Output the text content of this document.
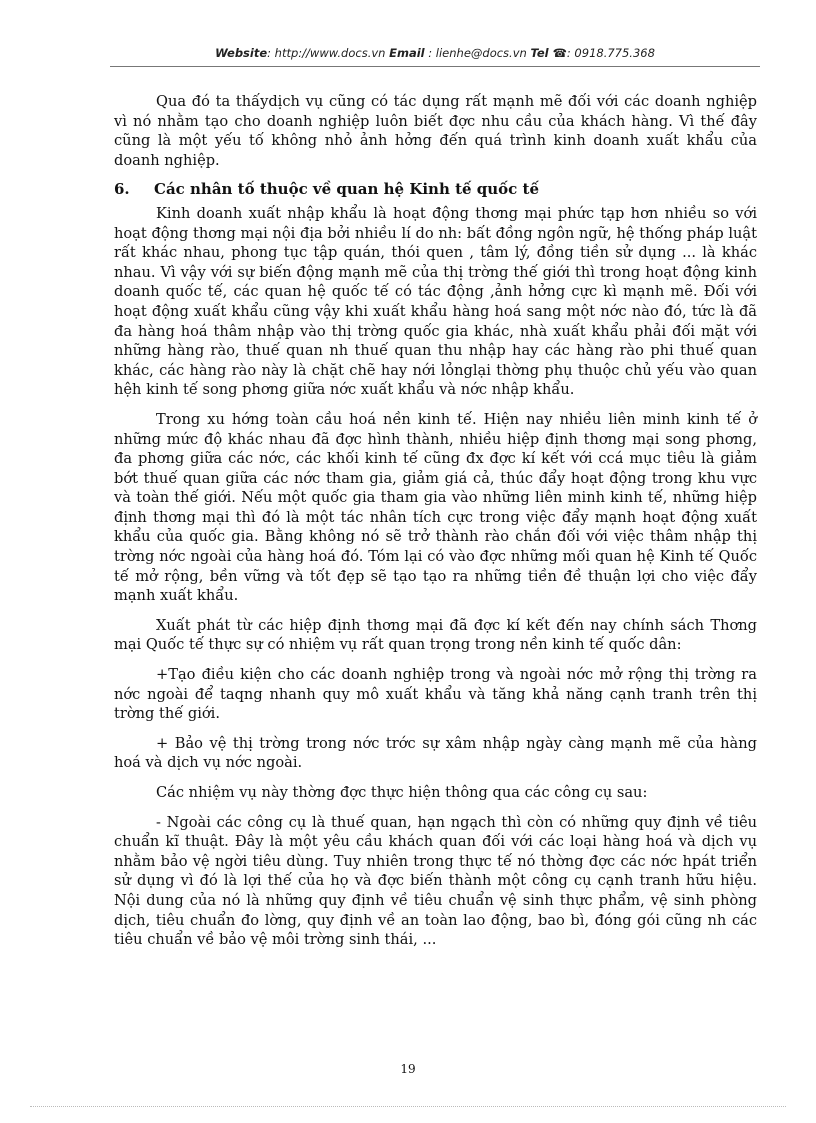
Website: http://www.docs.vn Email : lienhe@docs.vn Tel ☎: 0918.775.368

Qua đó ta thấydịch vụ cũng có tác dụng rất mạnh mẽ đối với các doanh nghiệp vì nó nhằm tạo cho doanh nghiệp luôn biết đợc nhu cầu của khách hàng. Vì thế đây cũng là một yếu tố không nhỏ ảnh hởng đến quá trình kinh doanh xuất khẩu của doanh nghiệp.

6. Các nhân tố thuộc về quan hệ Kinh tế quốc tế

Kinh doanh xuất nhập khẩu là hoạt động thơng mại phức tạp hơn nhiều so với hoạt động thơng mại nội địa bởi nhiều lí do nh: bất đồng ngôn ngữ, hệ thống pháp luật rất khác nhau, phong tục tập quán, thói quen , tâm lý, đồng tiền sử dụng ... là khác nhau. Vì vậy với sự biến động mạnh mẽ của thị trờng thế giới thì trong hoạt động kinh doanh quốc tế, các quan hệ quốc tế có tác động ,ảnh hởng cực kì mạnh mẽ. Đối với hoạt động xuất khẩu cũng vậy khi xuất khẩu hàng hoá sang một nớc nào đó, tức là đã đa hàng hoá thâm nhập vào thị trờng quốc gia khác, nhà xuất khẩu phải đối mặt với những hàng rào, thuế quan nh thuế quan thu nhập hay các hàng rào phi thuế quan khác, các hàng rào này là chặt chẽ hay nới lỏnglại thờng phụ thuộc chủ yếu vào quan hệh kinh tế song phơng giữa nớc xuất khẩu và nớc nhập khẩu.

Trong xu hớng toàn cầu hoá nền kinh tế. Hiện nay nhiều liên minh kinh tế ở những mức độ khác nhau đã đợc hình thành, nhiều hiệp định thơng mại song phơng, đa phơng giữa các nớc, các khối kinh tế cũng đx đợc kí kết với ccá mục tiêu là giảm bớt thuế quan giữa các nớc tham gia, giảm giá cả, thúc đẩy hoạt động trong khu vực và toàn thế giới. Nếu một quốc gia tham gia vào những liên minh kinh tế, những hiệp định thơng mại thì đó là một tác nhân tích cực trong việc đẩy mạnh hoạt động xuất khẩu của quốc gia. Bằng không nó sẽ trở thành rào chắn đối với việc thâm nhập thị trờng nớc ngoài của hàng hoá đó. Tóm lại có vào đợc những mối quan hệ Kinh tế Quốc tế mở rộng, bền vững và tốt đẹp sẽ tạo tạo ra những tiền đề thuận lợi cho việc đẩy mạnh xuất khẩu.

Xuất phát từ các hiệp định thơng mại đã đợc kí kết đến nay chính sách Thơng mại Quốc tế thực sự có nhiệm vụ rất quan trọng trong nền kinh tế quốc dân:

+Tạo điều kiện cho các doanh nghiệp trong và ngoài nớc mở rộng thị trờng ra nớc ngoài để taqng nhanh quy mô xuất khẩu và tăng khả năng cạnh tranh trên thị trờng thế giới.

+ Bảo vệ thị trờng trong nớc trớc sự xâm nhập ngày càng mạnh mẽ của hàng hoá và dịch vụ nớc ngoài.

Các nhiệm vụ này thờng đợc thực hiện thông qua các công cụ sau:

- Ngoài các công cụ là thuế quan, hạn ngạch thì còn có những quy định về tiêu chuẩn kĩ thuật. Đây là một yêu cầu khách quan đối với các loại hàng hoá và dịch vụ nhằm bảo vệ ngời tiêu dùng. Tuy nhiên trong thực tế nó thờng đợc các nớc hpát triển sử dụng vì đó là lợi thế của họ và đợc biến thành một công cụ cạnh tranh hữu hiệu. Nội dung của nó là những quy định về tiêu chuẩn vệ sinh thực phẩm, vệ sinh phòng dịch, tiêu chuẩn đo lờng, quy định về an toàn lao động, bao bì, đóng gói cũng nh các tiêu chuẩn về bảo vệ môi trờng sinh thái, ...

19
